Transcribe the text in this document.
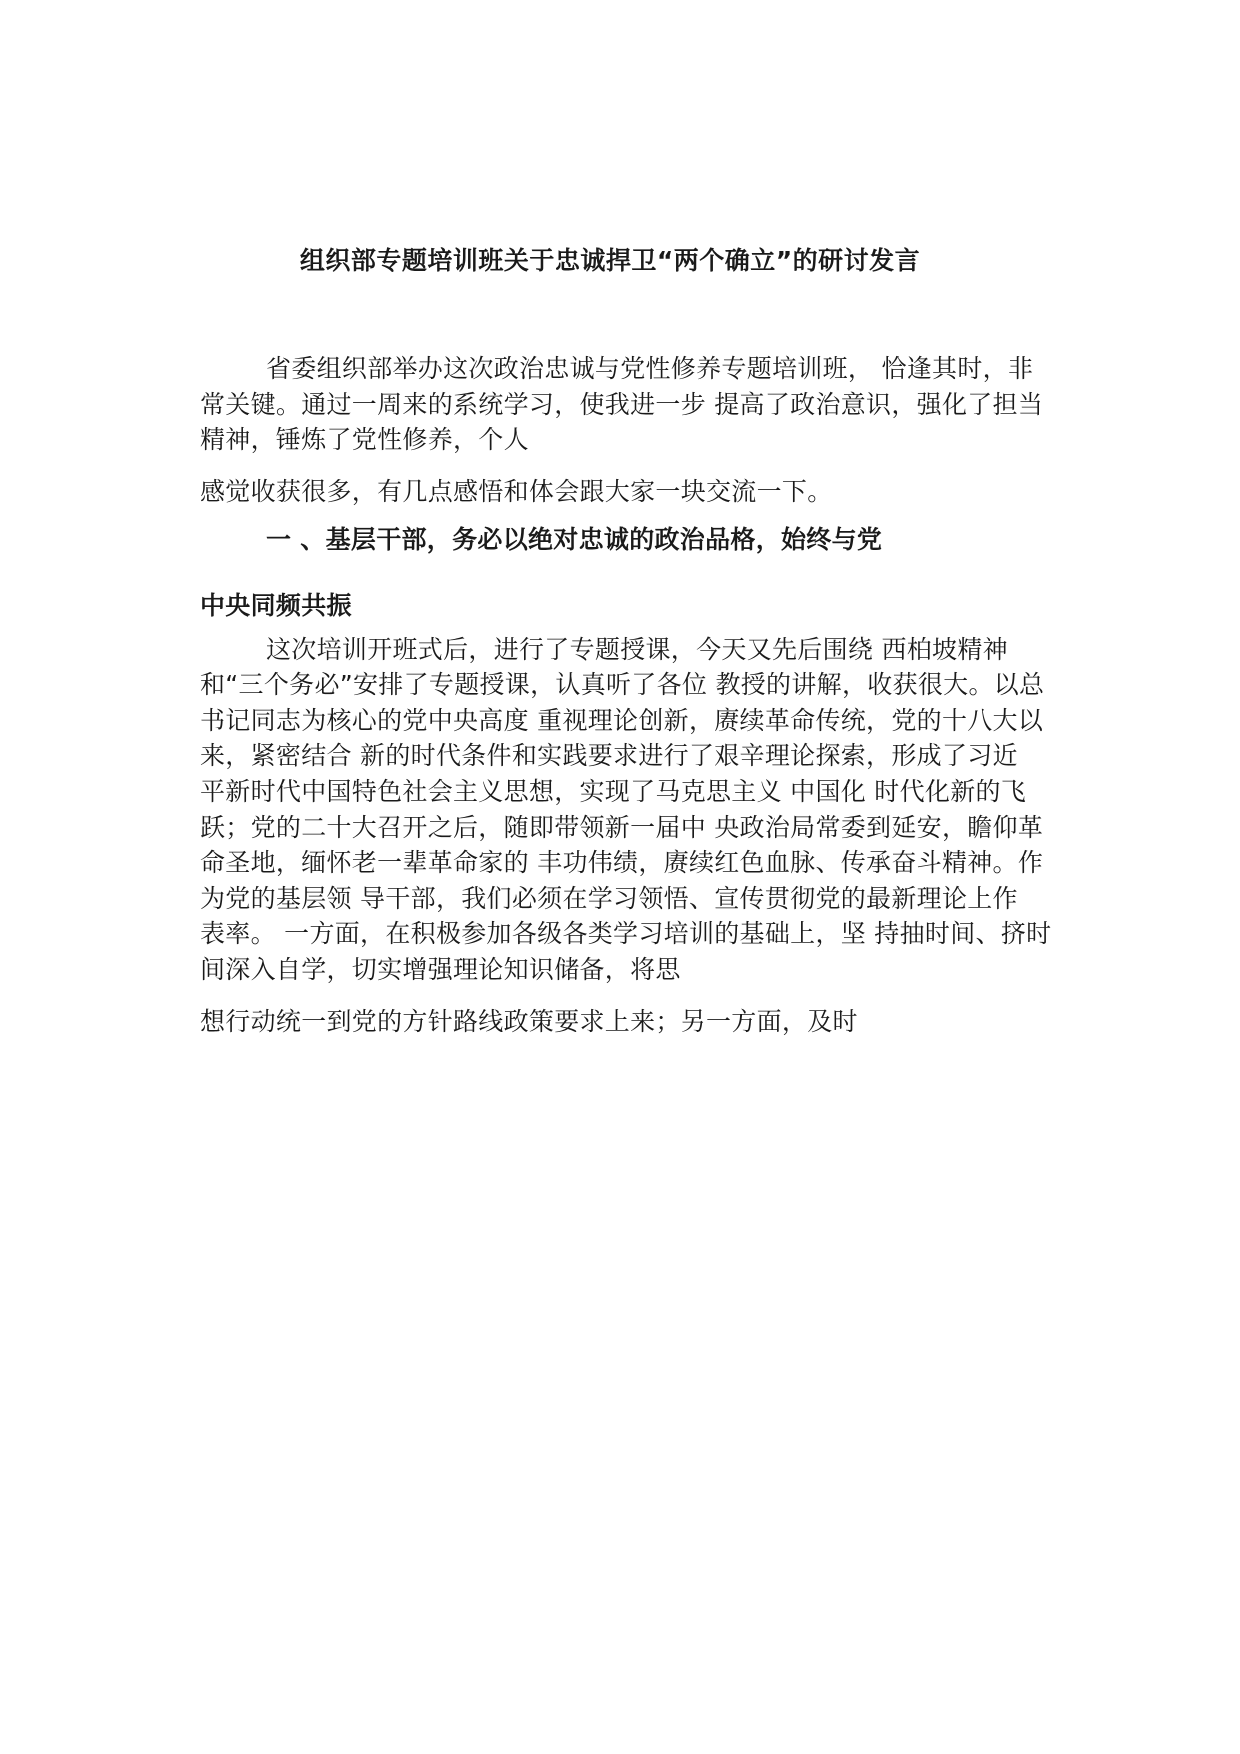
组织部专题培训班关于忠诚捍卫“两个确立”的研讨发言
省委组织部举办这次政治忠诚与党性修养专题培训班， 恰逢其时，非
常关键。通过一周来的系统学习，使我进一步 提高了政治意识，强化了担当
精神，锤炼了党性修养，个人
感觉收获很多，有几点感悟和体会跟大家一块交流一下。
一 、基层干部，务必以绝对忠诚的政治品格，始终与党
中央同频共振
这次培训开班式后，进行了专题授课，今天又先后围绕 西柏坡精神
和“三个务必”安排了专题授课，认真听了各位 教授的讲解，收获很大。以总
书记同志为核心的党中央高度 重视理论创新，赓续革命传统，党的十八大以
来，紧密结合 新的时代条件和实践要求进行了艰辛理论探索，形成了习近
平新时代中国特色社会主义思想，实现了马克思主义 中国化 时代化新的飞
跃；党的二十大召开之后，随即带领新一届中 央政治局常委到延安，瞻仰革
命圣地，缅怀老一辈革命家的 丰功伟绩，赓续红色血脉、传承奋斗精神。作
为党的基层领 导干部，我们必须在学习领悟、宣传贯彻党的最新理论上作
表率。 一方面，在积极参加各级各类学习培训的基础上，坚 持抽时间、挤时
间深入自学，切实增强理论知识储备，将思
想行动统一到党的方针路线政策要求上来；另一方面，及时
